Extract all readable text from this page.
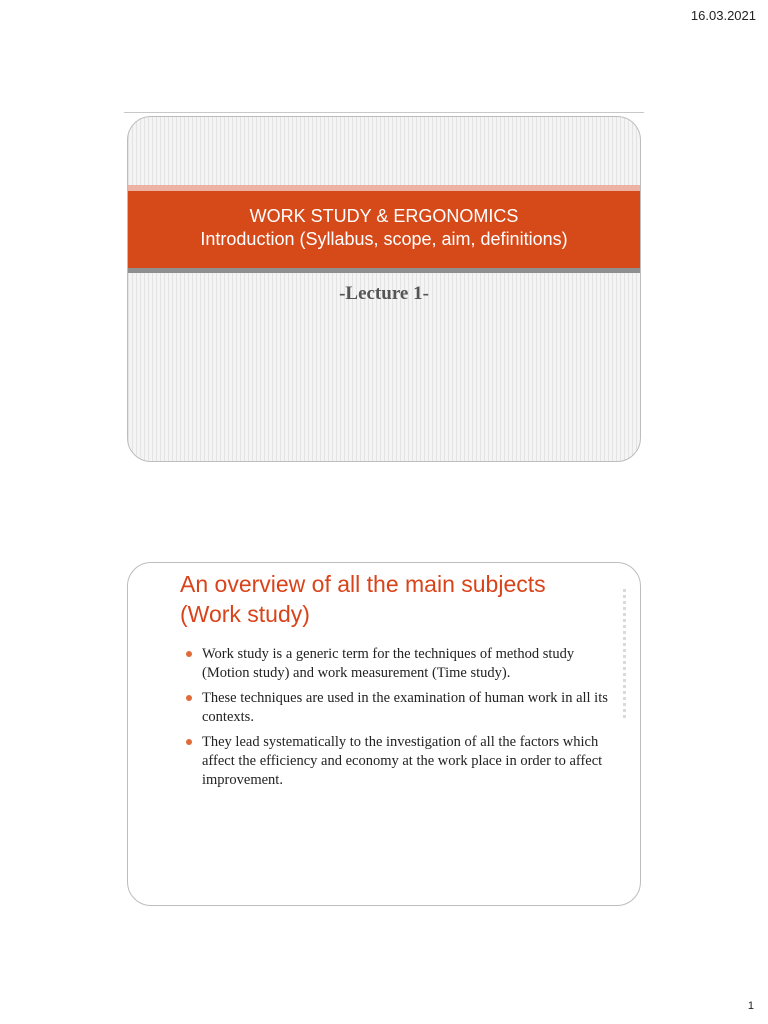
16.03.2021
WORK STUDY & ERGONOMICS
Introduction (Syllabus, scope, aim, definitions)
-Lecture 1-
An overview of all the main subjects
(Work study)
Work study is a generic term for the techniques of method study (Motion study) and work measurement (Time study).
These techniques are used in the examination of human work in all its contexts.
They lead systematically to the investigation of all the factors which affect the efficiency and economy at the work place in order to affect improvement.
1
